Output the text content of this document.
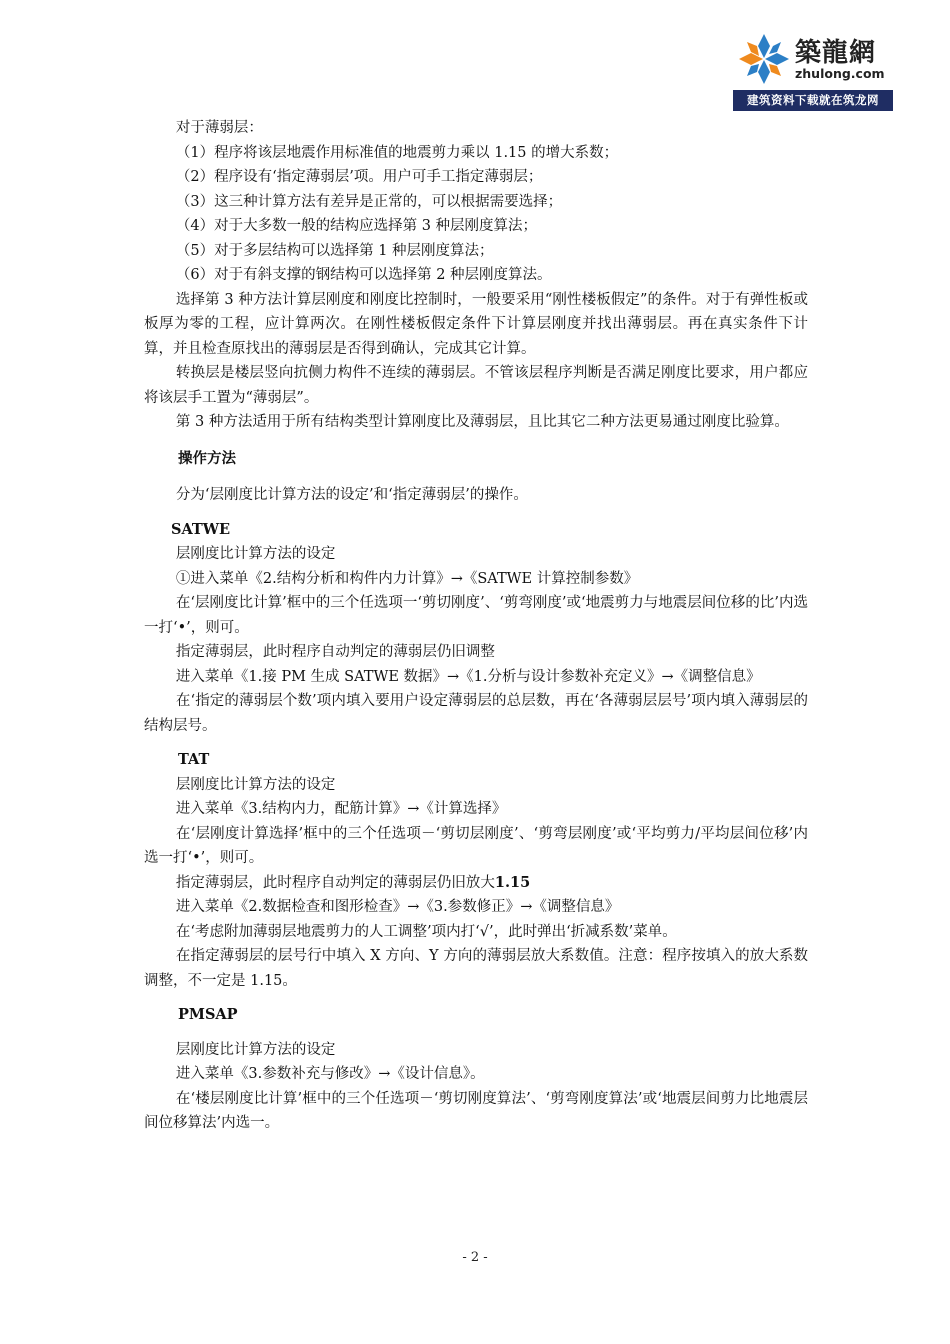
築龍網
zhulong.com
建筑资料下载就在筑龙网

对于薄弱层：

（1）程序将该层地震作用标准值的地震剪力乘以 1.15 的增大系数；

（2）程序设有‘指定薄弱层’项。用户可手工指定薄弱层；

（3）这三种计算方法有差异是正常的，可以根据需要选择；

（4）对于大多数一般的结构应选择第 3 种层刚度算法；

（5）对于多层结构可以选择第 1 种层刚度算法；

（6）对于有斜支撑的钢结构可以选择第 2 种层刚度算法。

选择第 3 种方法计算层刚度和刚度比控制时，一般要采用“刚性楼板假定”的条件。对于有弹性板或板厚为零的工程，应计算两次。在刚性楼板假定条件下计算层刚度并找出薄弱层。再在真实条件下计算，并且检查原找出的薄弱层是否得到确认，完成其它计算。

转换层是楼层竖向抗侧力构件不连续的薄弱层。不管该层程序判断是否满足刚度比要求，用户都应将该层手工置为“薄弱层”。

第 3 种方法适用于所有结构类型计算刚度比及薄弱层，且比其它二种方法更易通过刚度比验算。

操作方法

分为‘层刚度比计算方法的设定’和‘指定薄弱层’的操作。

SATWE

层刚度比计算方法的设定

①进入菜单《2.结构分析和构件内力计算》→《SATWE 计算控制参数》

在‘层刚度比计算’框中的三个任选项一‘剪切刚度’、‘剪弯刚度’或‘地震剪力与地震层间位移的比’内选一打‘•’，则可。

指定薄弱层，此时程序自动判定的薄弱层仍旧调整

进入菜单《1.接 PM 生成 SATWE 数据》→《1.分析与设计参数补充定义》→《调整信息》

在‘指定的薄弱层个数’项内填入要用户设定薄弱层的总层数，再在‘各薄弱层层号’项内填入薄弱层的结构层号。

TAT

层刚度比计算方法的设定

进入菜单《3.结构内力，配筋计算》→《计算选择》

在‘层刚度计算选择’框中的三个任选项－‘剪切层刚度’、‘剪弯层刚度’或‘平均剪力/平均层间位移’内选一打‘•’，则可。

指定薄弱层，此时程序自动判定的薄弱层仍旧放大1.15

进入菜单《2.数据检查和图形检查》→《3.参数修正》→《调整信息》

在‘考虑附加薄弱层地震剪力的人工调整’项内打‘√’，此时弹出‘折减系数’菜单。

在指定薄弱层的层号行中填入 X 方向、Y 方向的薄弱层放大系数值。注意：程序按填入的放大系数调整，不一定是 1.15。

PMSAP

层刚度比计算方法的设定

进入菜单《3.参数补充与修改》→《设计信息》。

在‘楼层刚度比计算’框中的三个任选项－‘剪切刚度算法’、‘剪弯刚度算法’或‘地震层间剪力比地震层间位移算法’内选一。

- 2 -
